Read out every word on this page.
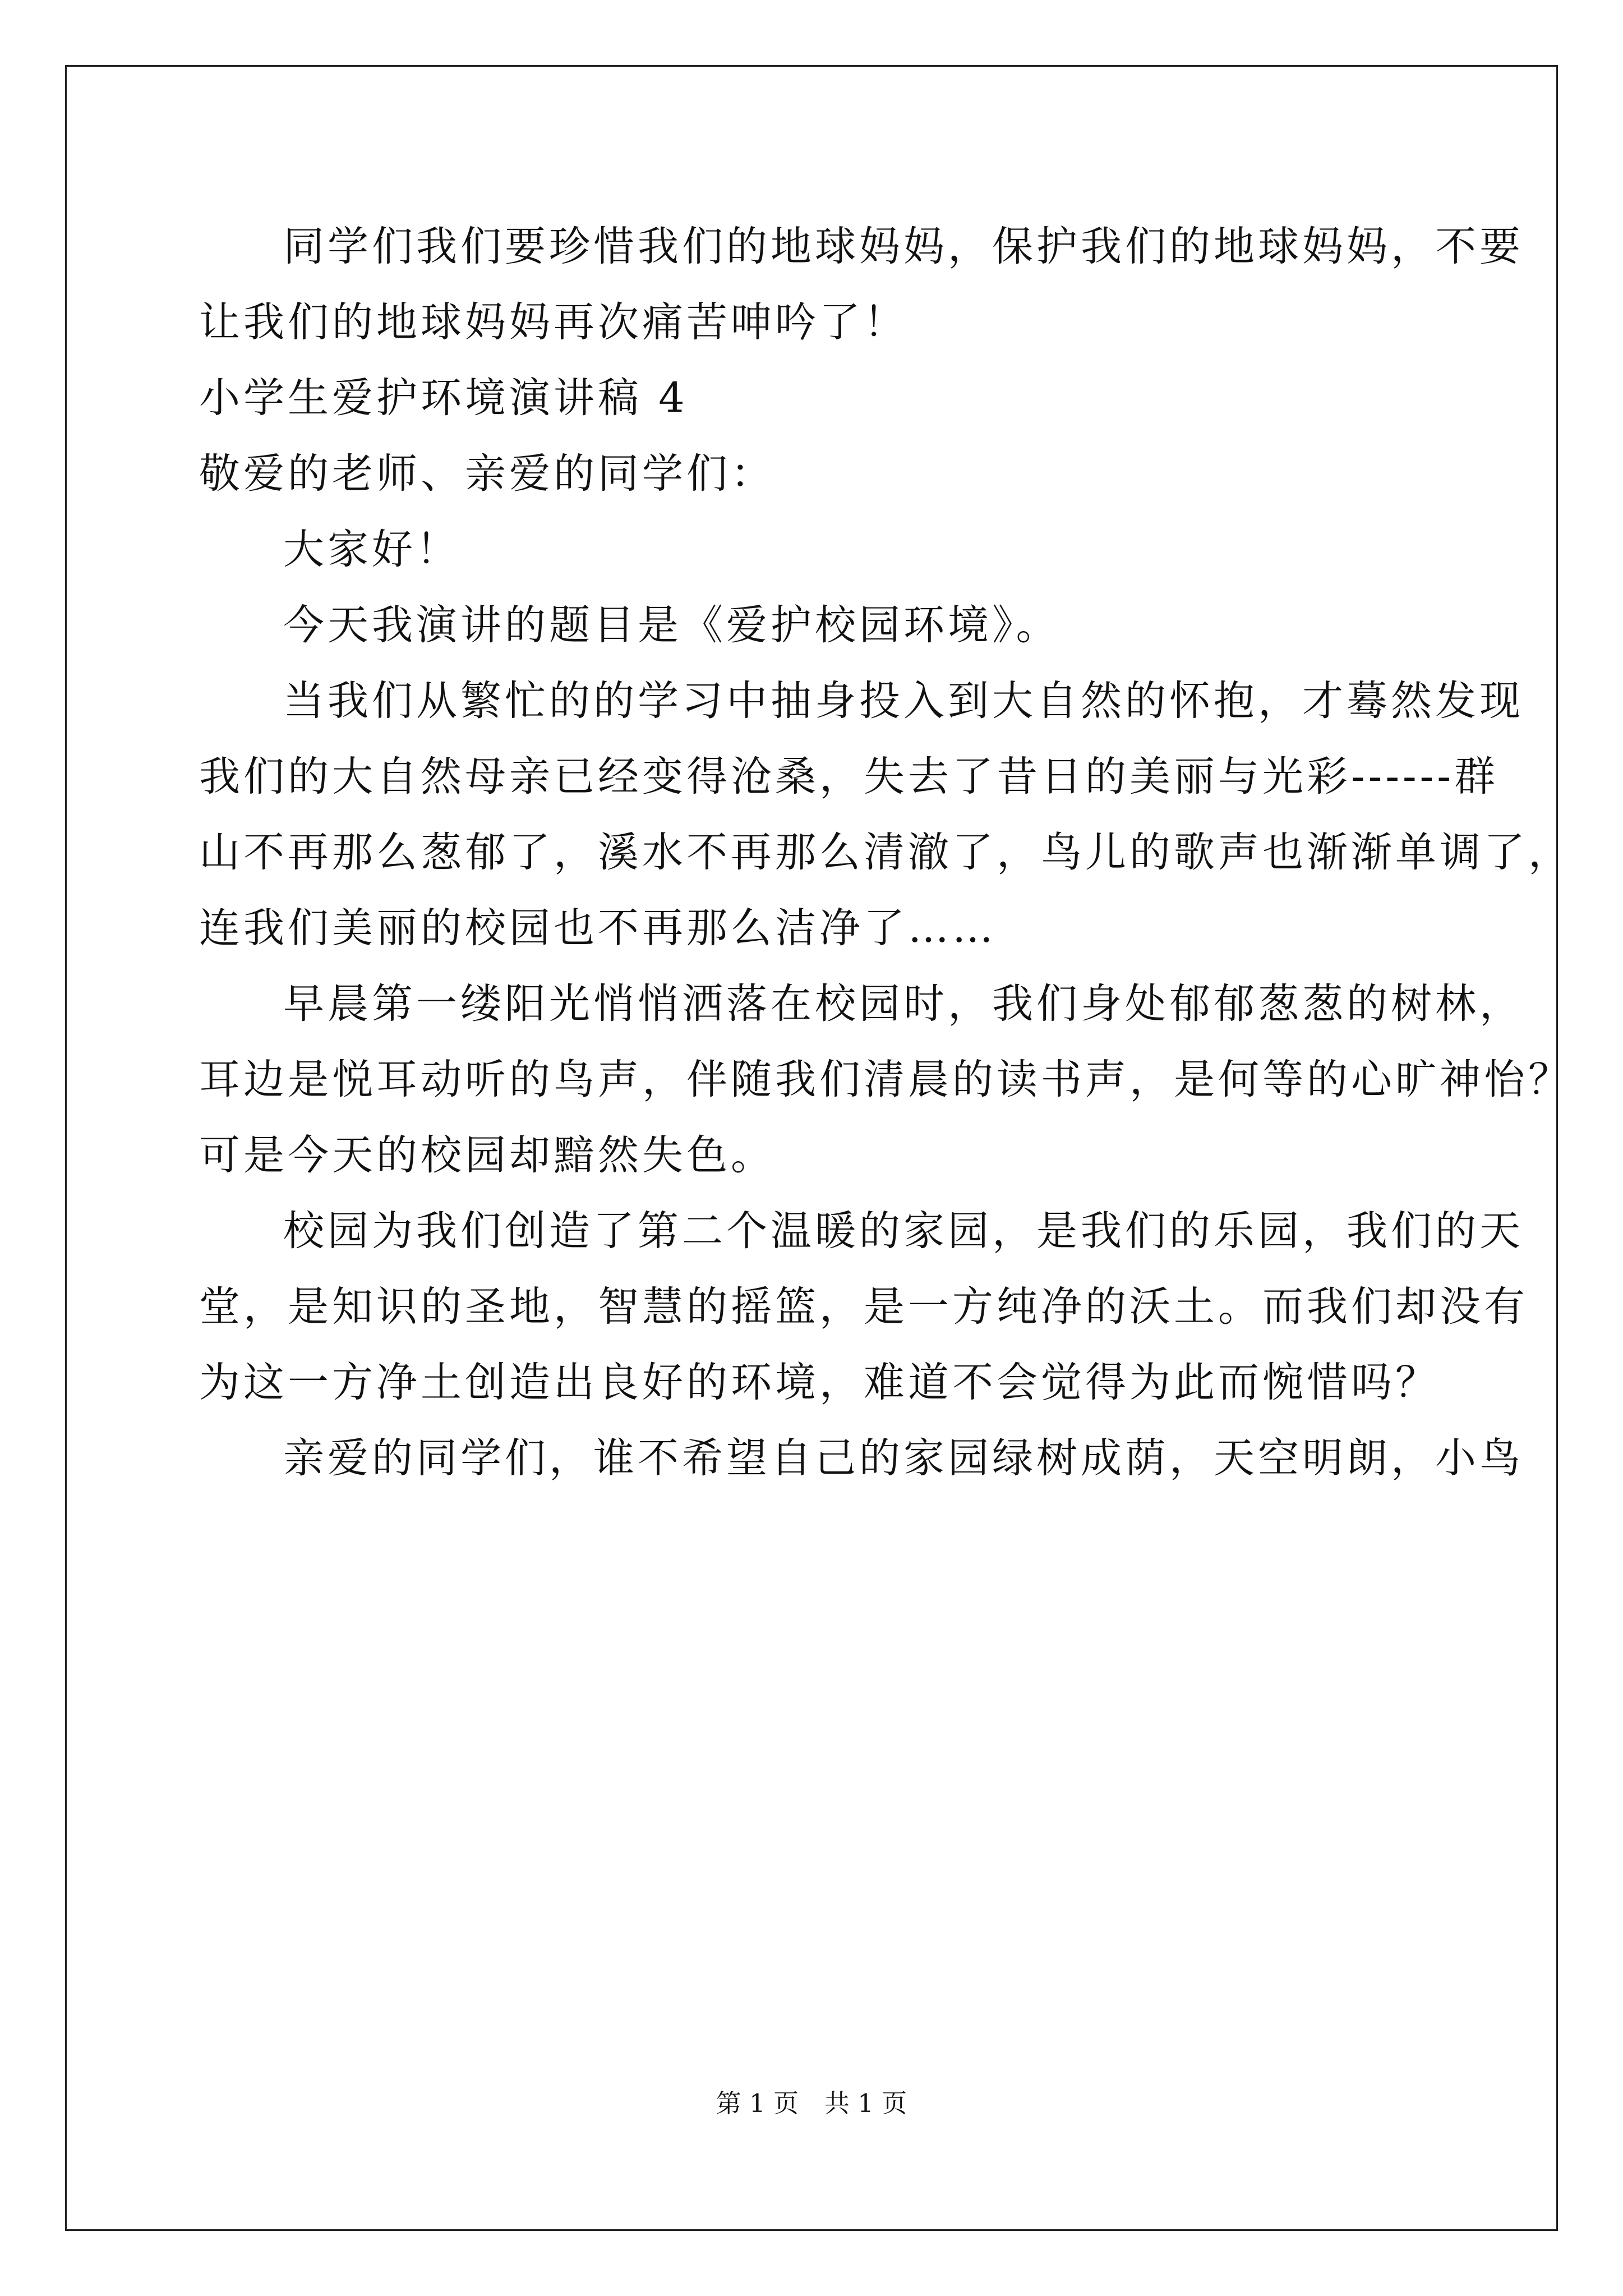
同学们我们要珍惜我们的地球妈妈，保护我们的地球妈妈，不要
让我们的地球妈妈再次痛苦呻吟了！
小学生爱护环境演讲稿 4
敬爱的老师、亲爱的同学们：
大家好！
今天我演讲的题目是《爱护校园环境》。
当我们从繁忙的的学习中抽身投入到大自然的怀抱，才蓦然发现
我们的大自然母亲已经变得沧桑，失去了昔日的美丽与光彩------群
山不再那么葱郁了，溪水不再那么清澈了，鸟儿的歌声也渐渐单调了，
连我们美丽的校园也不再那么洁净了……
早晨第一缕阳光悄悄洒落在校园时，我们身处郁郁葱葱的树林，
耳边是悦耳动听的鸟声，伴随我们清晨的读书声，是何等的心旷神怡？
可是今天的校园却黯然失色。
校园为我们创造了第二个温暖的家园，是我们的乐园，我们的天
堂，是知识的圣地，智慧的摇篮，是一方纯净的沃土。而我们却没有
为这一方净土创造出良好的环境，难道不会觉得为此而惋惜吗？
亲爱的同学们，谁不希望自己的家园绿树成荫，天空明朗，小鸟
第 1 页 共 1 页
